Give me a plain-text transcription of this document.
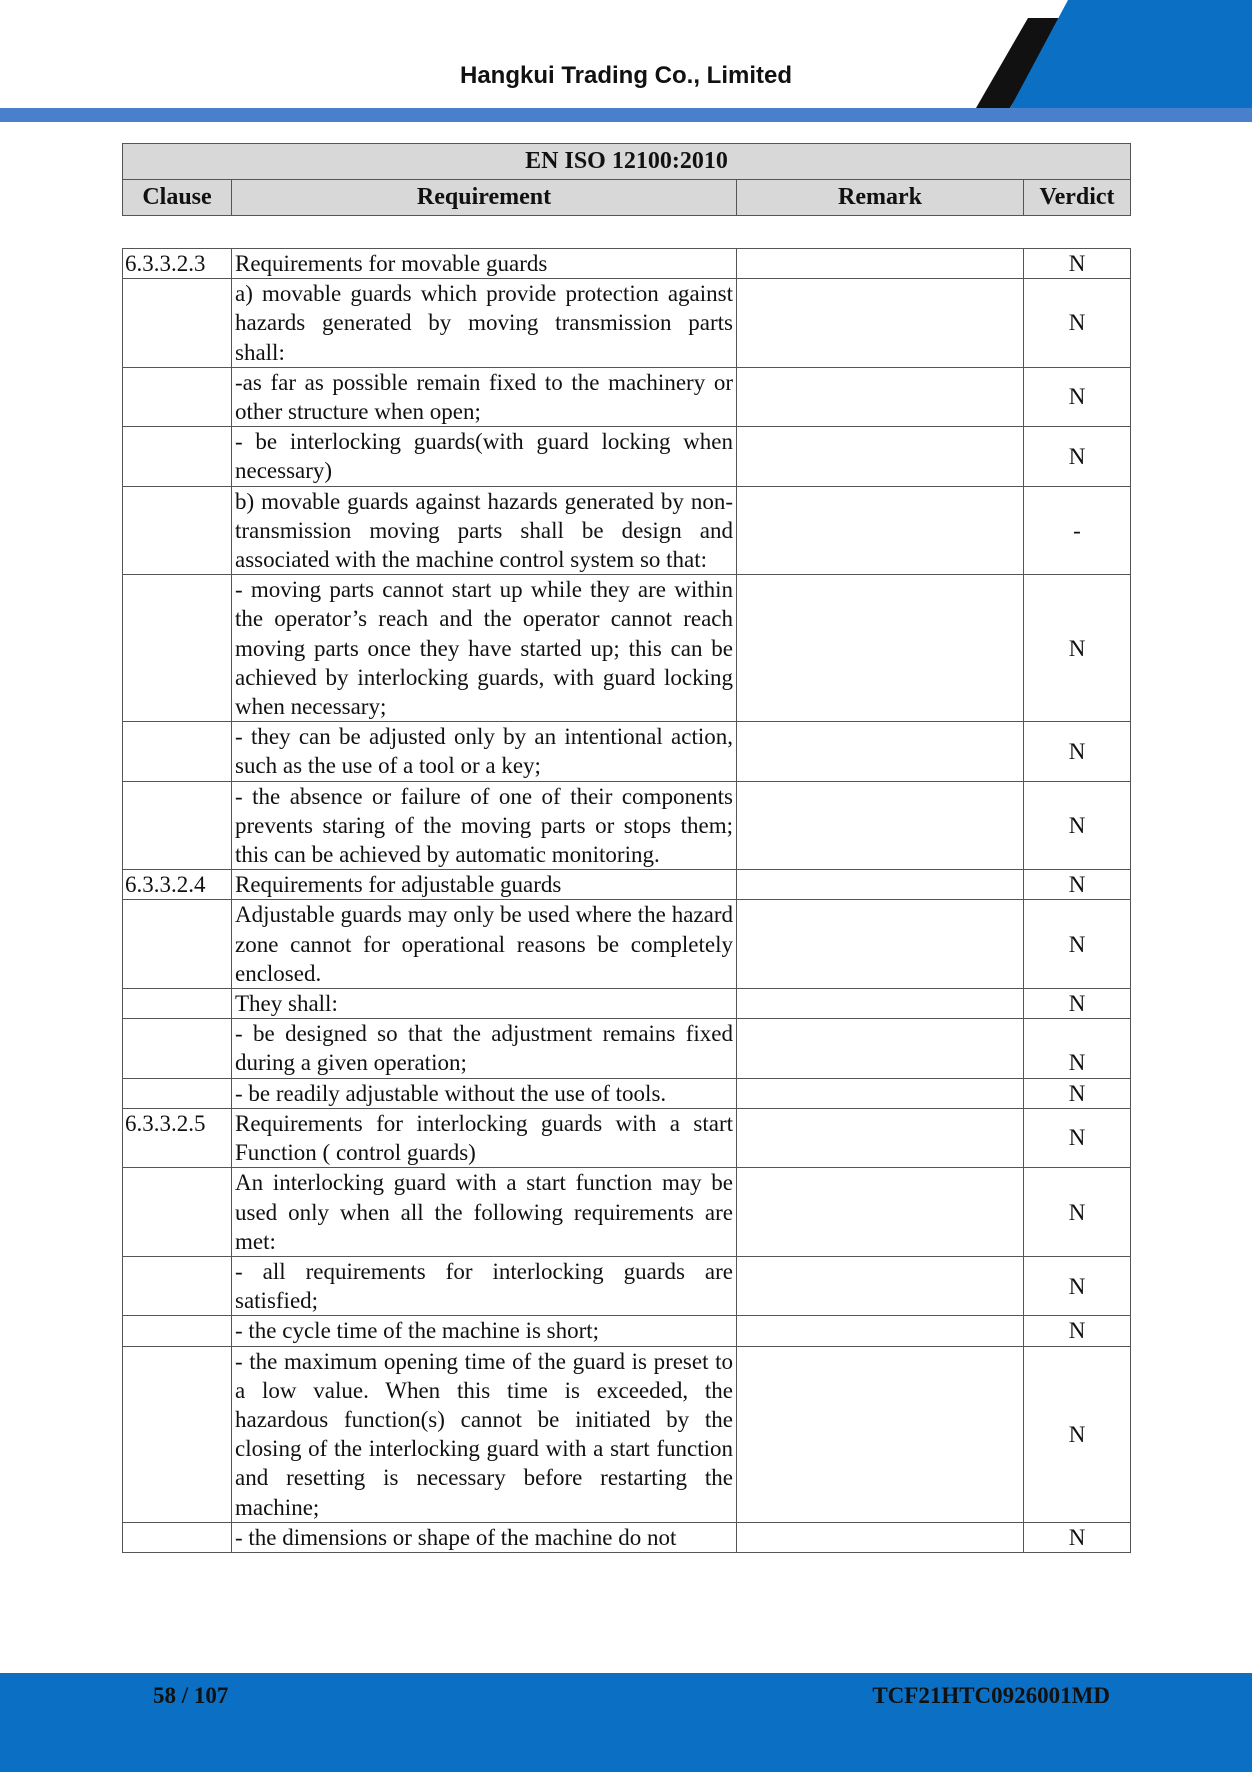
Hangkui Trading Co., Limited
EN ISO 12100:2010
Clause	Requirement	Remark	Verdict
6.3.3.2.3	Requirements for movable guards		N
	a) movable guards which provide protection against hazards generated by moving transmission parts shall:		N
	-as far as possible remain fixed to the machinery or other structure when open;		N
	- be interlocking guards(with guard locking when necessary)		N
	b) movable guards against hazards generated by non-transmission moving parts shall be design and associated with the machine control system so that:		-
	- moving parts cannot start up while they are within the operator’s reach and the operator cannot reach moving parts once they have started up; this can be achieved by interlocking guards, with guard locking when necessary;		N
	- they can be adjusted only by an intentional action, such as the use of a tool or a key;		N
	- the absence or failure of one of their components prevents staring of the moving parts or stops them; this can be achieved by automatic monitoring.		N
6.3.3.2.4	Requirements for adjustable guards		N
	Adjustable guards may only be used where the hazard zone cannot for operational reasons be completely enclosed.		N
	They shall:		N
	- be designed so that the adjustment remains fixed during a given operation;		N
	- be readily adjustable without the use of tools.		N
6.3.3.2.5	Requirements for interlocking guards with a start Function ( control guards)		N
	An interlocking guard with a start function may be used only when all the following requirements are met:		N
	- all requirements for interlocking guards are satisfied;		N
	- the cycle time of the machine is short;		N
	- the maximum opening time of the guard is preset to a low value. When this time is exceeded, the hazardous function(s) cannot be initiated by the closing of the interlocking guard with a start function and resetting is necessary before restarting the machine;		N
	- the dimensions or shape of the machine do not		N
58 / 107	TCF21HTC0926001MD
